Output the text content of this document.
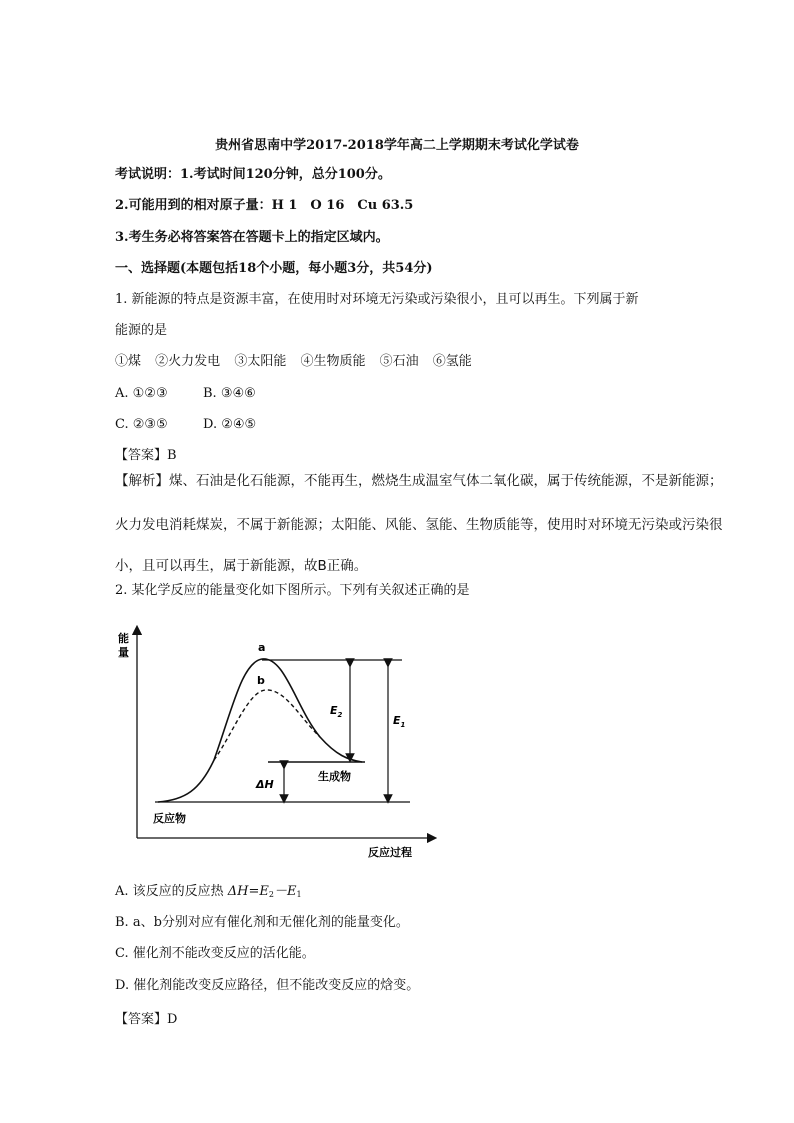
贵州省思南中学2017-2018学年高二上学期期末考试化学试卷
考试说明：1.考试时间120分钟，总分100分。
2.可能用到的相对原子量：H 1　O 16　Cu 63.5
3.考生务必将答案答在答题卡上的指定区域内。
一、选择题(本题包括18个小题，每小题3分，共54分)
1. 新能源的特点是资源丰富，在使用时对环境无污染或污染很小，且可以再生。下列属于新
能源的是
①煤 ②火力发电 ③太阳能 ④生物质能 ⑤石油 ⑥氢能
A. ①②③	B. ③④⑥
C. ②③⑤	D. ②④⑤
【答案】B
【解析】煤、石油是化石能源，不能再生，燃烧生成温室气体二氧化碳，属于传统能源，不是新能源；
火力发电消耗煤炭，不属于新能源；太阳能、风能、氢能、生物质能等，使用时对环境无污染或污染很
小，且可以再生，属于新能源，故B正确。
2. 某化学反应的能量变化如下图所示。下列有关叙述正确的是
能
量
反应过程
a
b
$E_2$	$E_1$
ΔH
生成物
反应物
A. 该反应的反应热 $\Delta H=E_2-E_1$
B. a、b分别对应有催化剂和无催化剂的能量变化。
C. 催化剂不能改变反应的活化能。
D. 催化剂能改变反应路径，但不能改变反应的焓变。
【答案】D
